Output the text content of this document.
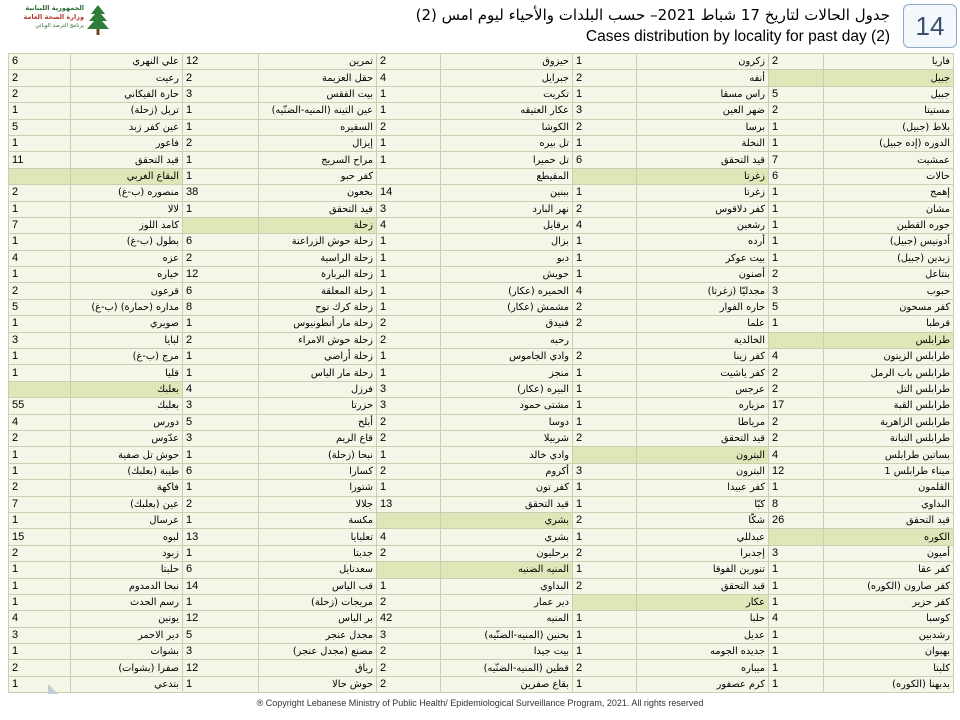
الجمهورية اللبنانية
وزارة الصحة العامة
برنامج الترصد الوبائي
جدول الحالات لتاريخ 17 شباط 2021– حسب البلدات والأحياء ليوم امس (2)
Cases distribution by locality for past day (2) 14
6	علي النهري	12	تمرين	2	حيزوق	1	زكرون	2	فاريا
2	رعيت	2	حقل العزيمة	4	جبرايل	2	أنفه		جبيل
2	حارة الفيكاني	3	بيت الفقس	1	تكريت	1	راس مسقا	5	جبيل
1	تربل (زحلة)	1	عين التينه (المنيه-الضنّيه)	1	عكار العتيقه	3	ضهر العين	2	مستيتا
5	عين كفر زبد	1	السفيره	2	الكوشا	2	برسا	1	بلاط (جبيل)
1	فاعور	2	إيزال	1	تل بيره	1	النخلة	1	الدوره (إده جبيل)
11	قيد التحقق	1	مراح السريج	1	تل حميرا	6	قيد التحقق	7	عمشيت
	البقاع الغربي	1	كفر حبو		المقيطع		زغرتا	6	حالات
2	منصوره (ب-غ)	38	بخعون	14	ببنين	1	زغرتا	1	إهمج
1	لالا	1	قيد التحقق	3	نهر البارد	2	كفر دلاقوس	1	مشان
7	كامد اللوز		زحلة	4	برقايل	4	رشعين	1	جوره القطين
1	بطول (ب-غ)	6	زحلة حوش الزراعنة	1	بزال	1	أرده	1	أدونيس (جبيل)
4	عزه	2	زحلة الراسية	1	دبو	1	بيت عوكر	1	زبدين (جبيل)
1	خياره	12	زحلة البربارة	1	حويش	1	أصنون	2	بنتاعل
2	قرعون	6	زحلة المعلقة	1	الحميره (عكار)	4	مجدليّا (زغرتا)	3	حبوب
5	مداره (حمارة) (ب-غ)	8	زحلة كرك نوح	1	مشمش (عكار)	2	حاره الفوار	5	كفر مسحون
1	صويري	1	زحلة مار أنطونيوس	2	فنيدق	2	علما	1	قرطبا
3	لبايا	2	زحلة حوش الامراء	2	رحبه		الخالدية		طرابلس
1	مرج (ب-غ)	1	زحلة أراضي	1	وادي الجاموس	2	كفر زينا	4	طرابلس الزيتون
1	قليا	1	زحلة مار الياس	1	منجز	1	كفر ياشيت	2	طرابلس باب الرمل
	بعلبك	4	فرزل	3	البيره (عكار)	1	عرجس	2	طرابلس التل
55	بعلبك	3	حزرتا	3	مشتى حمود	1	مزياره	17	طرابلس القبة
4	دورس	5	أبلح	2	دوسا	1	مرياطا	2	طرابلس الزاهرية
2	عدّوس	3	قاع الريم	2	شربيلا	2	قيد التحقق	2	طرابلس التبانة
1	حوش تل صفية	1	نبحا (زحلة)	1	وادي خالد		البترون	4	بساتين طرابلس
1	طيبة (بعلبك)	6	كسارا	2	أكروم	3	البترون	12	ميناء طرابلس 1
2	فاكهة	1	شتورا	1	كفر تون	1	كفر عبيدا	1	القلمون
7	عين (بعلبك)	2	جلالا	13	قيد التحقق	1	كبّا	8	البداوي
1	عرسال	1	مكسة		بشري	2	شكّا	26	قيد التحقق
15	لبوه	13	تعلبايا	4	بشري	1	عبدللي		الكوره
2	زبود	1	جديتا	2	برحليون	2	إجدبرا	3	أميون
1	حلبتا	6	سعدنايل		المنيه الضنيه	1	تنورين الفوقا	1	كفر عقا
1	نبحا الدمدوم	14	قب الياس	1	البداوي	2	قيد التحقق	1	كفر صارون (الكوره)
1	رسم الحدث	1	مريجات (زحلة)	2	دير عمار		عكار	1	كفر حزير
4	يونين	12	بر الياس	42	المنيه	1	حلبا	4	كوسبا
3	دير الاحمر	5	مجدل عنجر	3	بحنين (المنيه-الضنّيه)	1	عديل	1	رشدبين
1	بشوات	3	مصنع (مجدل عنجر)	2	بيت جيدا	1	جديده الجومه	1	بهبوان
2	صفرا (بشوات)	12	رياق	2	قطين (المنيه-الضنّيه)	2	ميباره	1	كلبتا
1	بتدعي	1	حوش حالا	2	بقاع صفرين	1	كرم عصفور	1	بدبهنا (الكوره)
® Copyright Lebanese Ministry of Public Health/ Epidemiological Surveillance Program, 2021. All rights reserved
